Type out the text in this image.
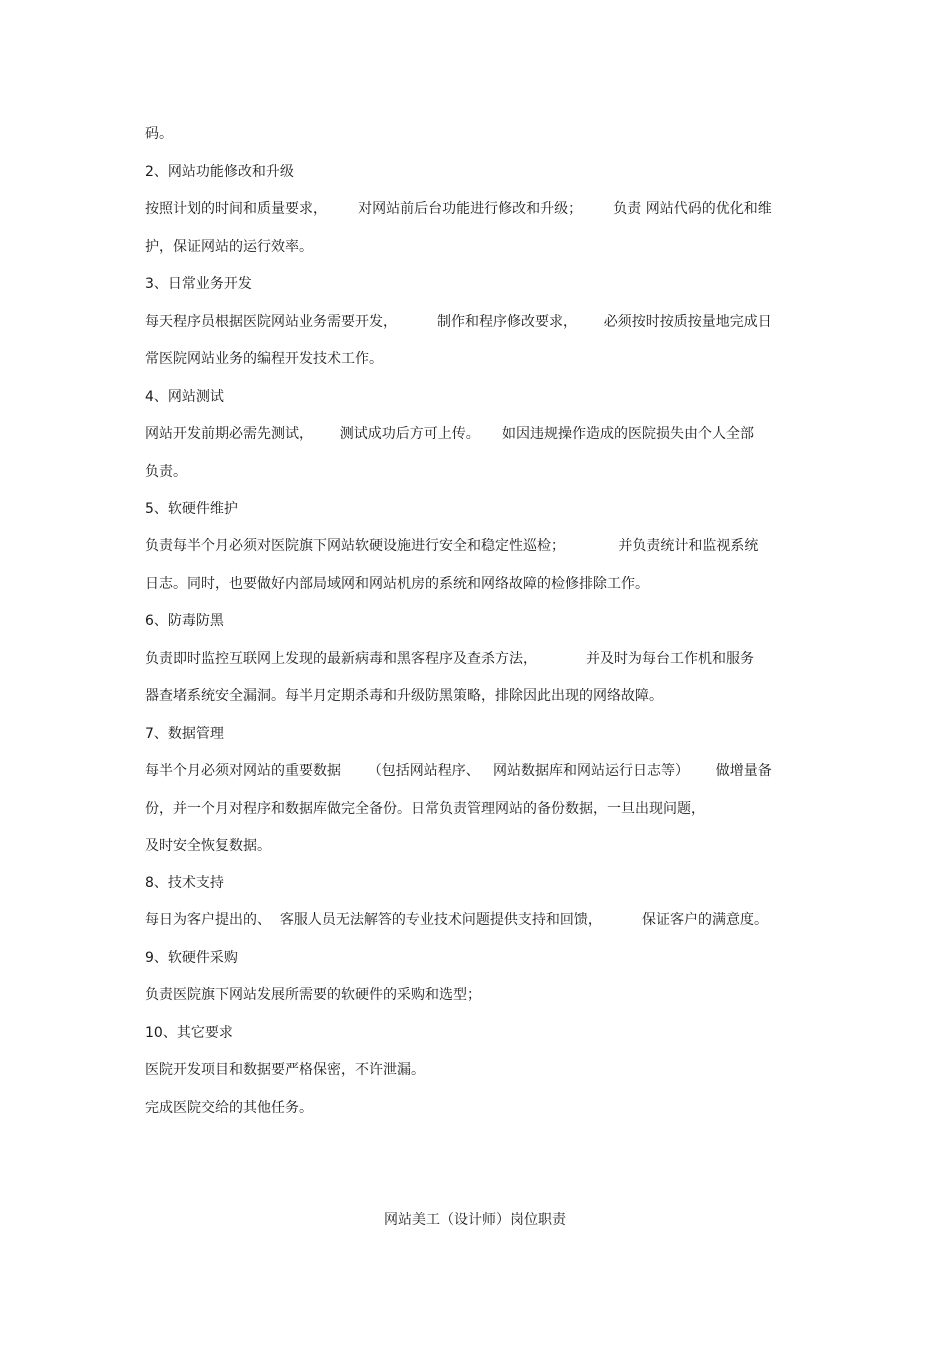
码。
2、网站功能修改和升级
按照计划的时间和质量要求，       对网站前后台功能进行修改和升级；       负责 网站代码的优化和维
护，保证网站的运行效率。
3、日常业务开发
每天程序员根据医院网站业务需要开发，         制作和程序修改要求，      必须按时按质按量地完成日
常医院网站业务的编程开发技术工作。
4、网站测试
网站开发前期必需先测试，      测试成功后方可上传。     如因违规操作造成的医院损失由个人全部
负责。
5、软硬件维护
负责每半个月必须对医院旗下网站软硬设施进行安全和稳定性巡检；            并负责统计和监视系统
日志。同时，也要做好内部局域网和网站机房的系统和网络故障的检修排除工作。
6、防毒防黑
负责即时监控互联网上发现的最新病毒和黑客程序及查杀方法，           并及时为每台工作机和服务
器查堵系统安全漏洞。每半月定期杀毒和升级防黑策略，排除因此出现的网络故障。
7、数据管理
每半个月必须对网站的重要数据      （包括网站程序、   网站数据库和网站运行日志等）      做增量备
份，并一个月对程序和数据库做完全备份。日常负责管理网站的备份数据，一旦出现问题，
及时安全恢复数据。
8、技术支持
每日为客户提出的、  客服人员无法解答的专业技术问题提供支持和回馈，         保证客户的满意度。
9、软硬件采购
负责医院旗下网站发展所需要的软硬件的采购和选型；
10、其它要求
医院开发项目和数据要严格保密，不许泄漏。
完成医院交给的其他任务。
网站美工（设计师）岗位职责
